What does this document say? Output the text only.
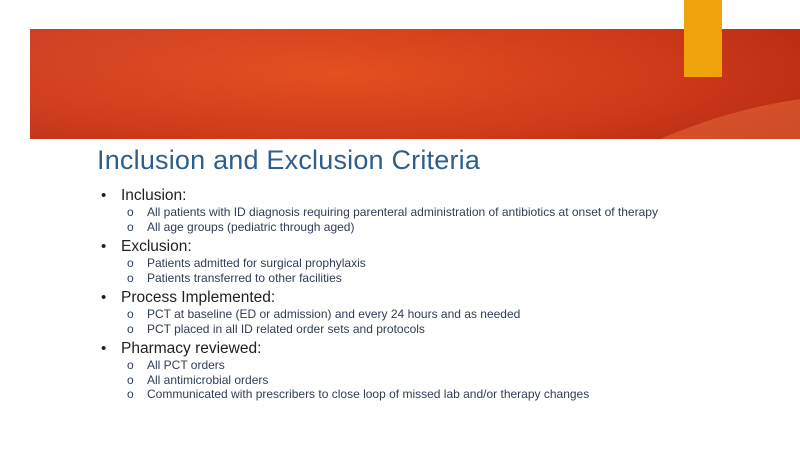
Inclusion and Exclusion Criteria
• Inclusion:
o All patients with ID diagnosis requiring parenteral administration of antibiotics at onset of therapy
o All age groups (pediatric through aged)
• Exclusion:
o Patients admitted for surgical prophylaxis
o Patients transferred to other facilities
• Process Implemented:
o PCT at baseline (ED or admission) and every 24 hours and as needed
o PCT placed in all ID related order sets and protocols
• Pharmacy reviewed:
o All PCT orders
o All antimicrobial orders
o Communicated with prescribers to close loop of missed lab and/or therapy changes
